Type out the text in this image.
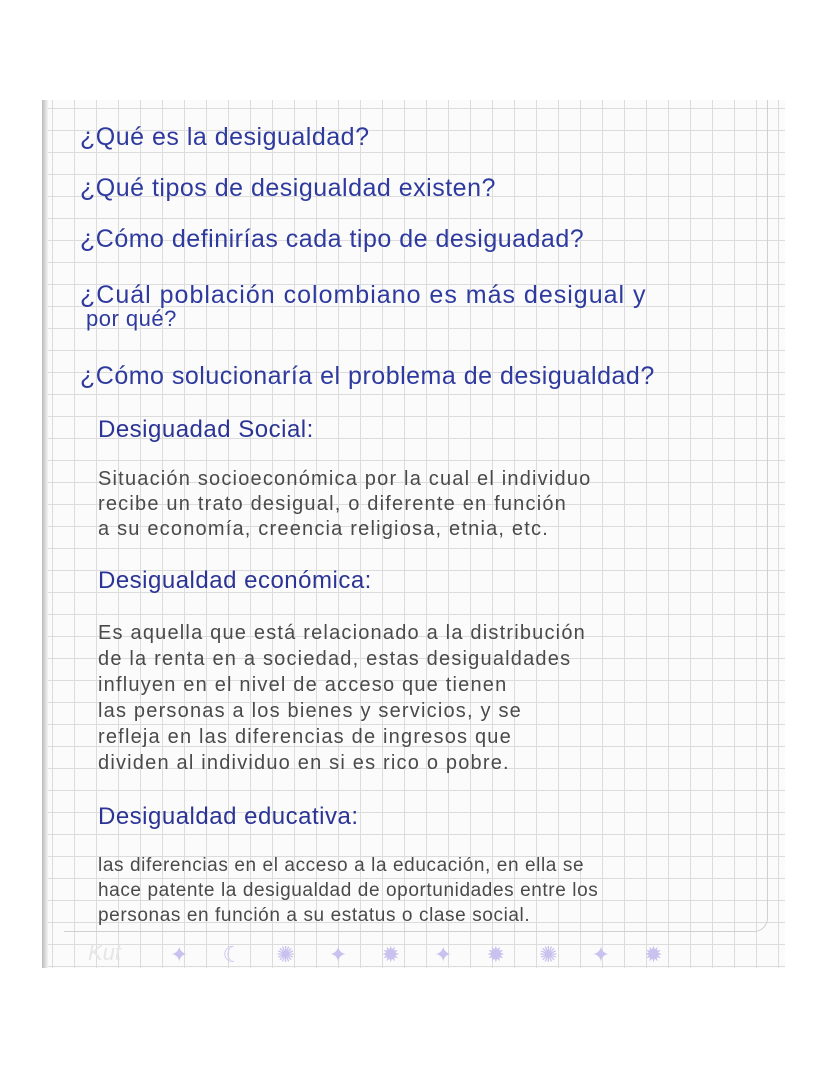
¿Qué es la desigualdad?
¿Qué tipos de desigualdad existen?
¿Cómo definirías cada tipo de desiguadad?
¿Cuál población colombiano es más desigual y
por qué?
¿Cómo solucionaría el problema de desigualdad?
Desiguadad Social:
Situación socioeconómica por la cual el individuo
recibe un trato desigual, o diferente en función
a su economía, creencia religiosa, etnia, etc.
Desigualdad económica:
Es aquella que está relacionado a la distribución
de la renta en a sociedad, estas desigualdades
influyen en el nivel de acceso que tienen
las personas a los bienes y servicios, y se
refleja en las diferencias de ingresos que
dividen al individuo en si es rico o pobre.
Desigualdad educativa:
las diferencias en el acceso a la educación, en ella se
hace patente la desigualdad de oportunidades entre los
personas en función a su estatus o clase social.
Kut ✦ ☾ ✺ ✦ ✹ ✦ ✹ ✺ ✦ ✹
